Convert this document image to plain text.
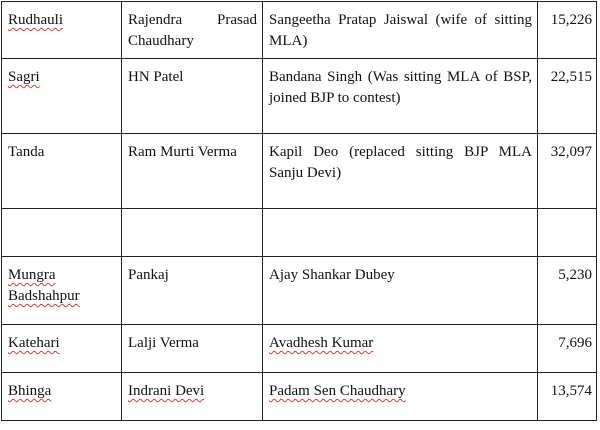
Rudhauli	Rajendra Prasad Chaudhary	Sangeetha Pratap Jaiswal (wife of sitting MLA)	15,226
Sagri	HN Patel	Bandana Singh (Was sitting MLA of BSP, joined BJP to contest)	22,515
Tanda	Ram Murti Verma	Kapil Deo (replaced sitting BJP MLA Sanju Devi)	32,097

Mungra Badshahpur	Pankaj	Ajay Shankar Dubey	5,230
Katehari	Lalji Verma	Avadhesh Kumar	7,696
Bhinga	Indrani Devi	Padam Sen Chaudhary	13,574
